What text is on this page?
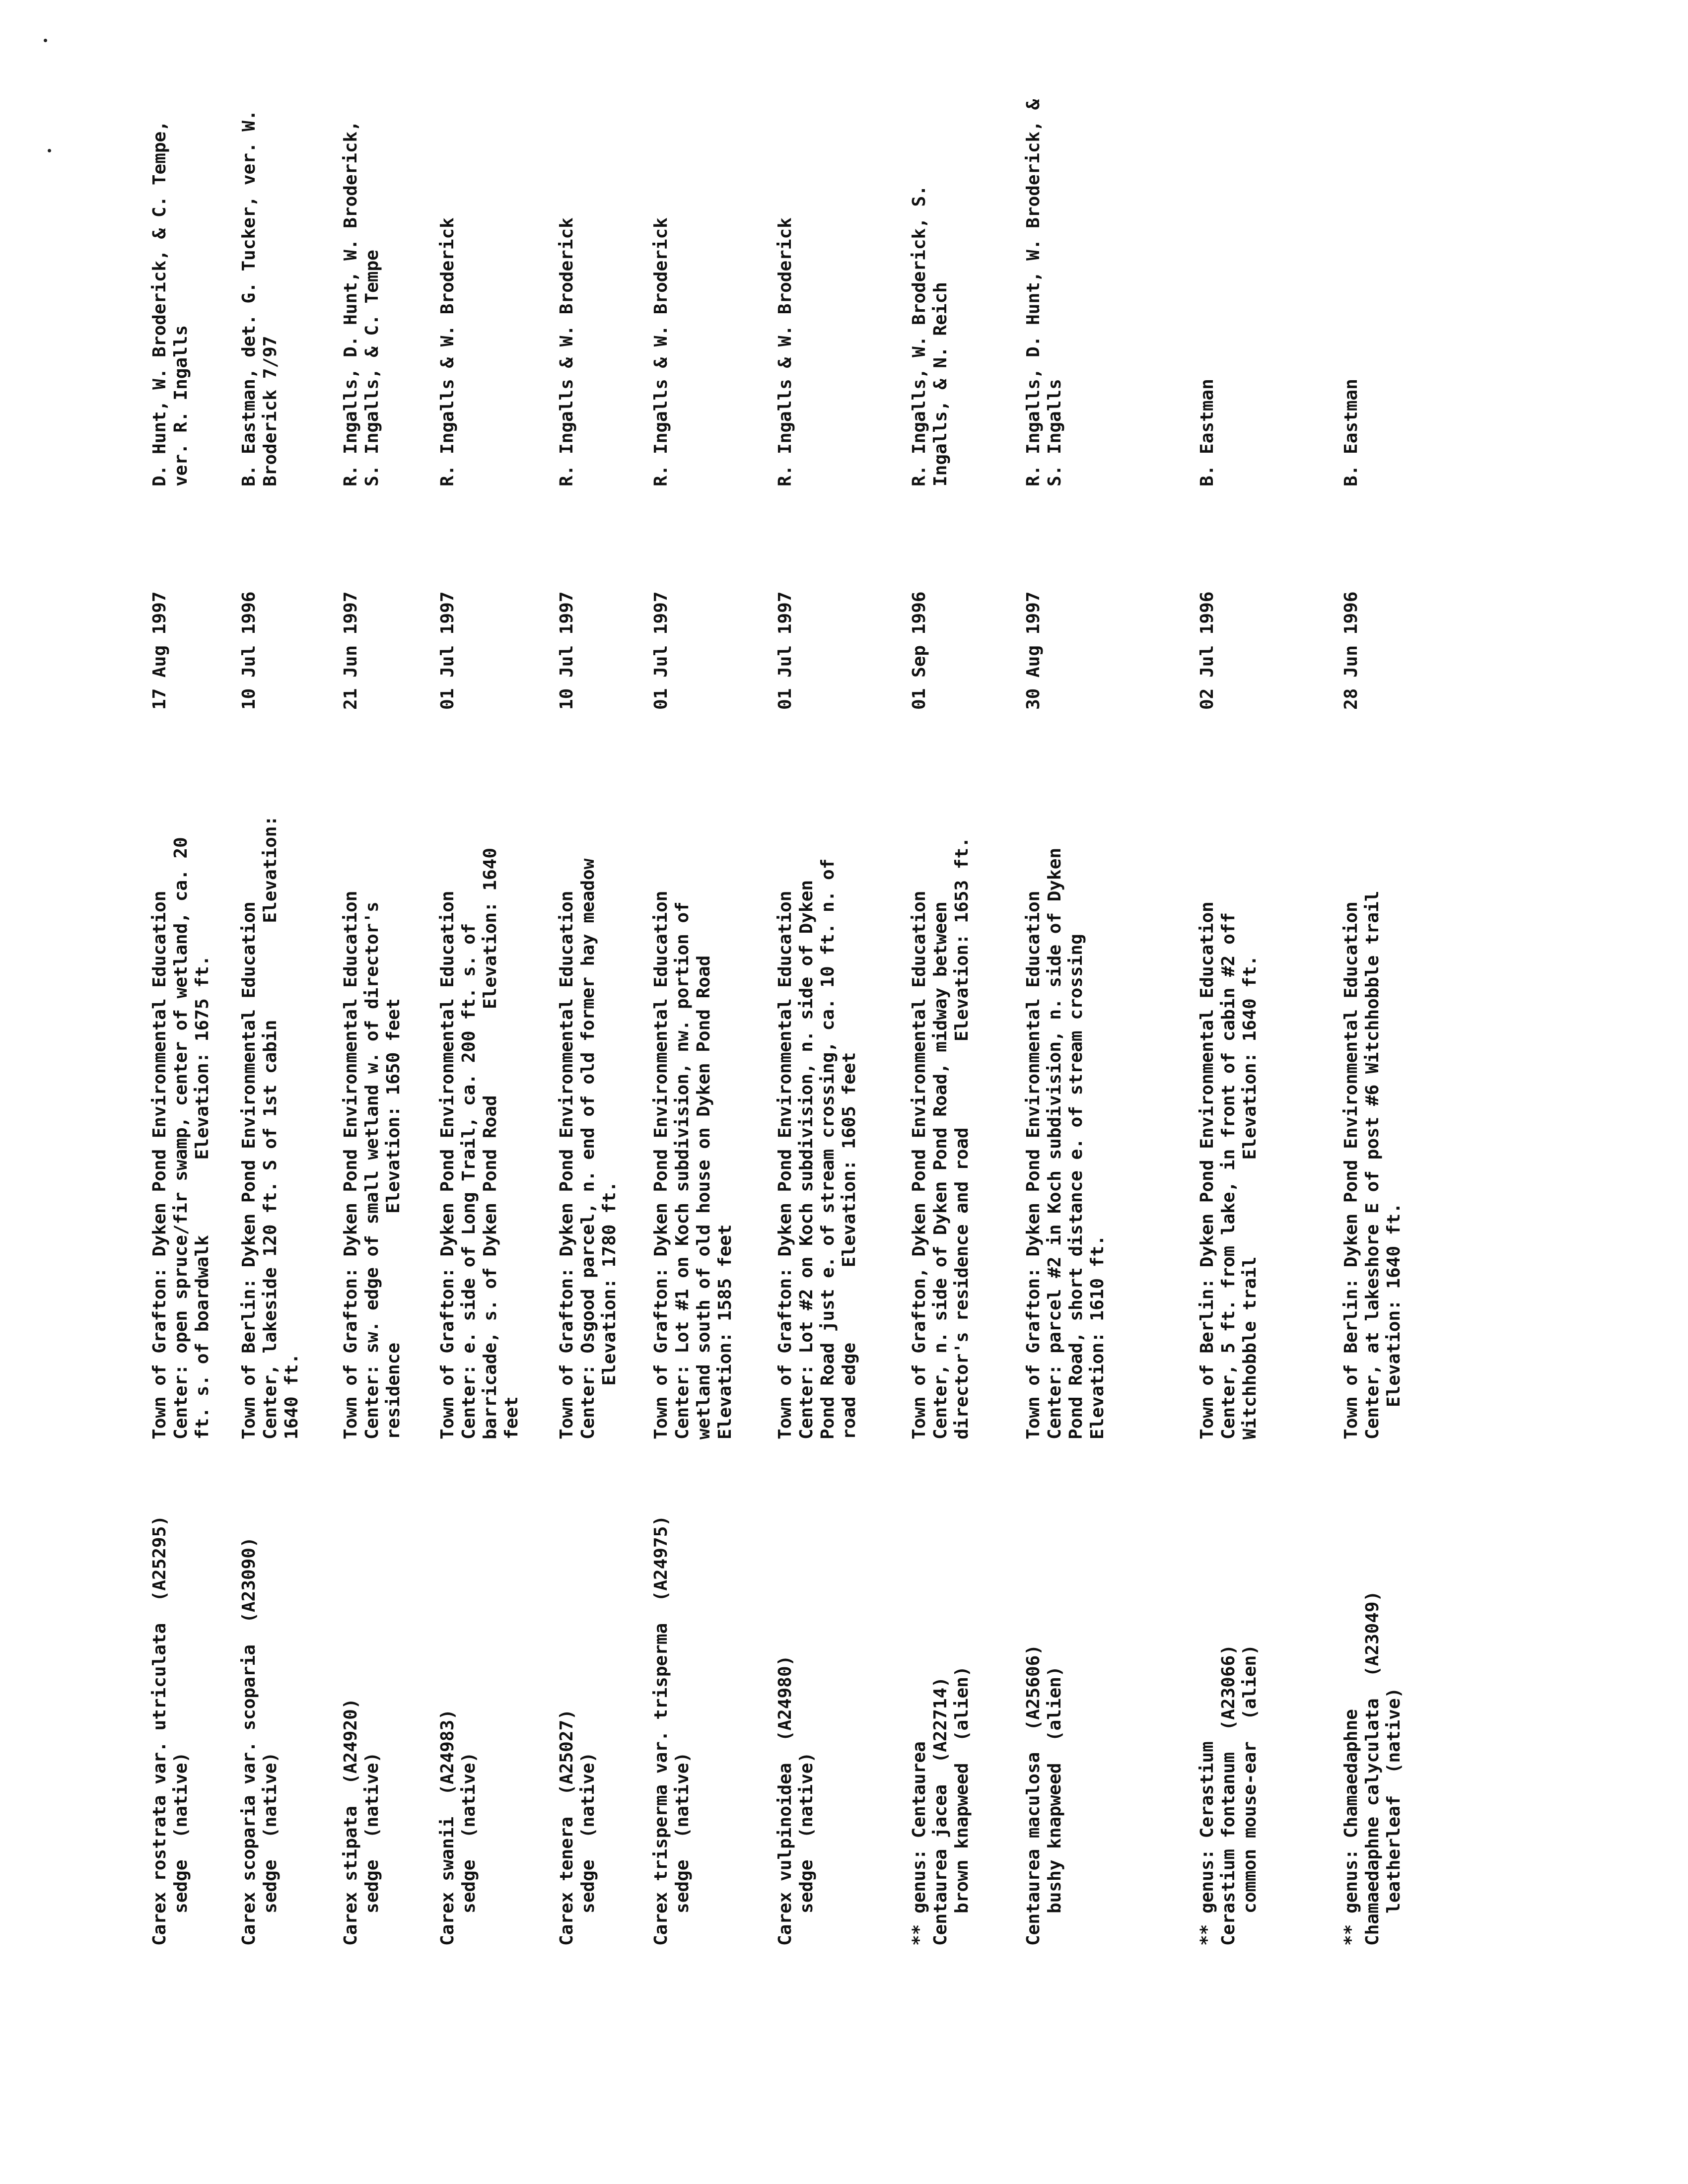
Carex rostrata var. utriculata  (A25295)
sedge  (native)
Town of Grafton: Dyken Pond Environmental Education
Center: open spruce/fir swamp, center of wetland, ca. 20
ft. s. of boardwalk       Elevation: 1675 ft.
17 Aug 1997
D. Hunt, W. Broderick, & C. Tempe,
ver. R. Ingalls
Carex scoparia var. scoparia  (A23090)
sedge  (native)
Town of Berlin: Dyken Pond Environmental Education
Center, lakeside 120 ft. S of 1st cabin         Elevation:
1640 ft.
10 Jul 1996
B. Eastman, det. G. Tucker, ver. W.
Broderick 7/97
Carex stipata  (A24920)
sedge  (native)
Town of Grafton: Dyken Pond Environmental Education
Center: sw. edge of small wetland w. of director's
residence            Elevation: 1650 feet
21 Jun 1997
R. Ingalls, D. Hunt, W. Broderick,
S. Ingalls, & C. Tempe
Carex swanii  (A24983)
sedge  (native)
Town of Grafton: Dyken Pond Environmental Education
Center: e. side of Long Trail, ca. 200 ft. s. of
barricade, s. of Dyken Pond Road        Elevation: 1640
feet
01 Jul 1997
R. Ingalls & W. Broderick
Carex tenera  (A25027)
sedge  (native)
Town of Grafton: Dyken Pond Environmental Education
Center: Osgood parcel, n. end of old former hay meadow
Elevation: 1780 ft.
10 Jul 1997
R. Ingalls & W. Broderick
Carex trisperma var. trisperma  (A24975)
sedge  (native)
Town of Grafton: Dyken Pond Environmental Education
Center: Lot #1 on Koch subdivision, nw. portion of
wetland south of old house on Dyken Pond Road
Elevation: 1585 feet
01 Jul 1997
R. Ingalls & W. Broderick
Carex vulpinoidea  (A24980)
sedge  (native)
Town of Grafton: Dyken Pond Environmental Education
Center: Lot #2 on Koch subdivision, n. side of Dyken
Pond Road just e. of stream crossing, ca. 10 ft. n. of
road edge       Elevation: 1605 feet
01 Jul 1997
R. Ingalls & W. Broderick
** genus: Centaurea
Centaurea jacea  (A22714)
brown knapweed  (alien)
Town of Grafton, Dyken Pond Environmental Education
Center, n. side of Dyken Pond Road, midway between
director's residence and road        Elevation: 1653 ft.
01 Sep 1996
R. Ingalls, W. Broderick, S.
Ingalls, & N. Reich
Centaurea maculosa  (A25606)
bushy knapweed  (alien)
Town of Grafton: Dyken Pond Environmental Education
Center: parcel #2 in Koch subdivision, n. side of Dyken
Pond Road, short distance e. of stream crossing
Elevation: 1610 ft.
30 Aug 1997
R. Ingalls, D. Hunt, W. Broderick, &
S. Ingalls
** genus: Cerastium
Cerastium fontanum  (A23066)
common mouse-ear  (alien)
Town of Berlin: Dyken Pond Environmental Education
Center, 5 ft. from lake, in front of cabin #2 off
Witchhobble trail         Elevation: 1640 ft.
02 Jul 1996
B. Eastman
** genus: Chamaedaphne
Chamaedaphne calyculata  (A23049)
leatherleaf  (native)
Town of Berlin: Dyken Pond Environmental Education
Center, at lakeshore E of post #6 Witchhobble trail
Elevation: 1640 ft.
28 Jun 1996
B. Eastman
